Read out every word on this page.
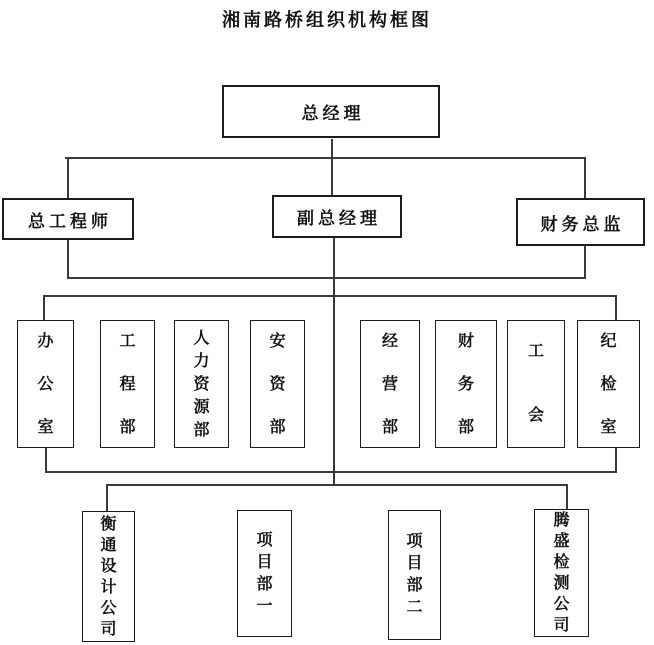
湘南路桥组织机构框图
总经理
总工程师	副总经理	财务总监
办公室
工程部
人力资源部
安资部
经营部
财务部
工会
纪检室
衡通设计公司
项目部一
项目部二
腾盛检测公司
